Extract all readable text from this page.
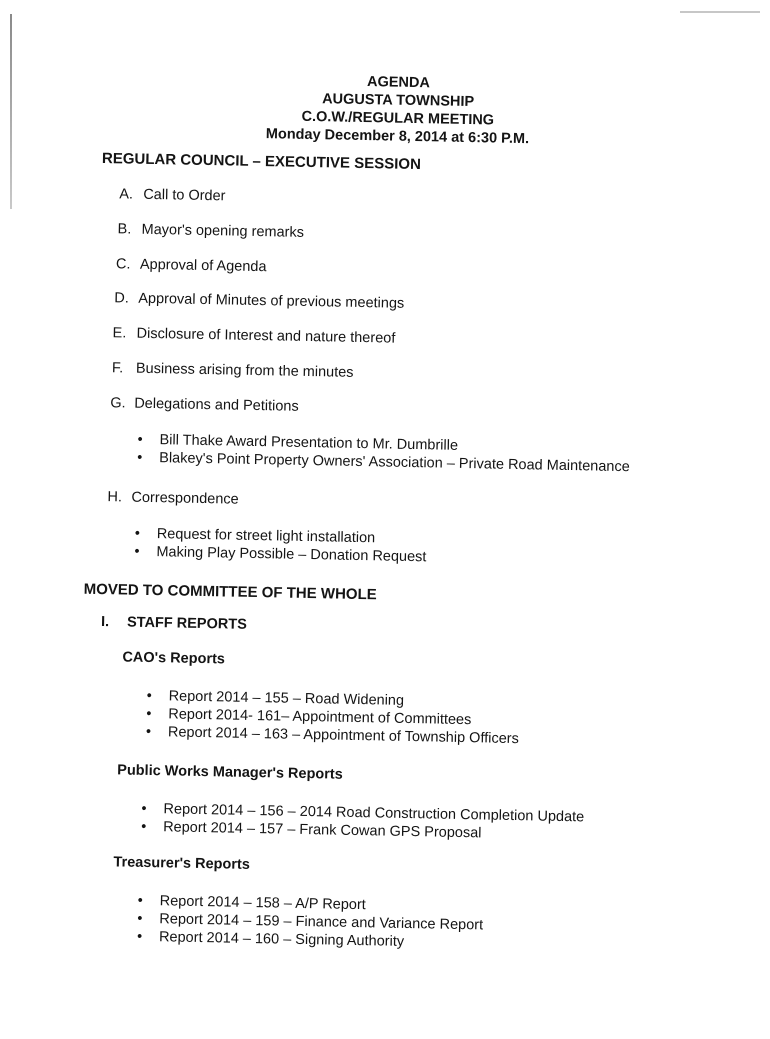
AGENDA
AUGUSTA TOWNSHIP
C.O.W./REGULAR MEETING
Monday December 8, 2014 at 6:30 P.M.
REGULAR COUNCIL – EXECUTIVE SESSION
A. Call to Order
B. Mayor's opening remarks
C. Approval of Agenda
D. Approval of Minutes of previous meetings
E. Disclosure of Interest and nature thereof
F. Business arising from the minutes
G. Delegations and Petitions
• Bill Thake Award Presentation to Mr. Dumbrille
• Blakey's Point Property Owners' Association – Private Road Maintenance
H. Correspondence
• Request for street light installation
• Making Play Possible – Donation Request
MOVED TO COMMITTEE OF THE WHOLE
I. STAFF REPORTS
CAO's Reports
• Report 2014 – 155 – Road Widening
• Report 2014- 161– Appointment of Committees
• Report 2014 – 163 – Appointment of Township Officers
Public Works Manager's Reports
• Report 2014 – 156 – 2014 Road Construction Completion Update
• Report 2014 – 157 – Frank Cowan GPS Proposal
Treasurer's Reports
• Report 2014 – 158 – A/P Report
• Report 2014 – 159 – Finance and Variance Report
• Report 2014 – 160 – Signing Authority
